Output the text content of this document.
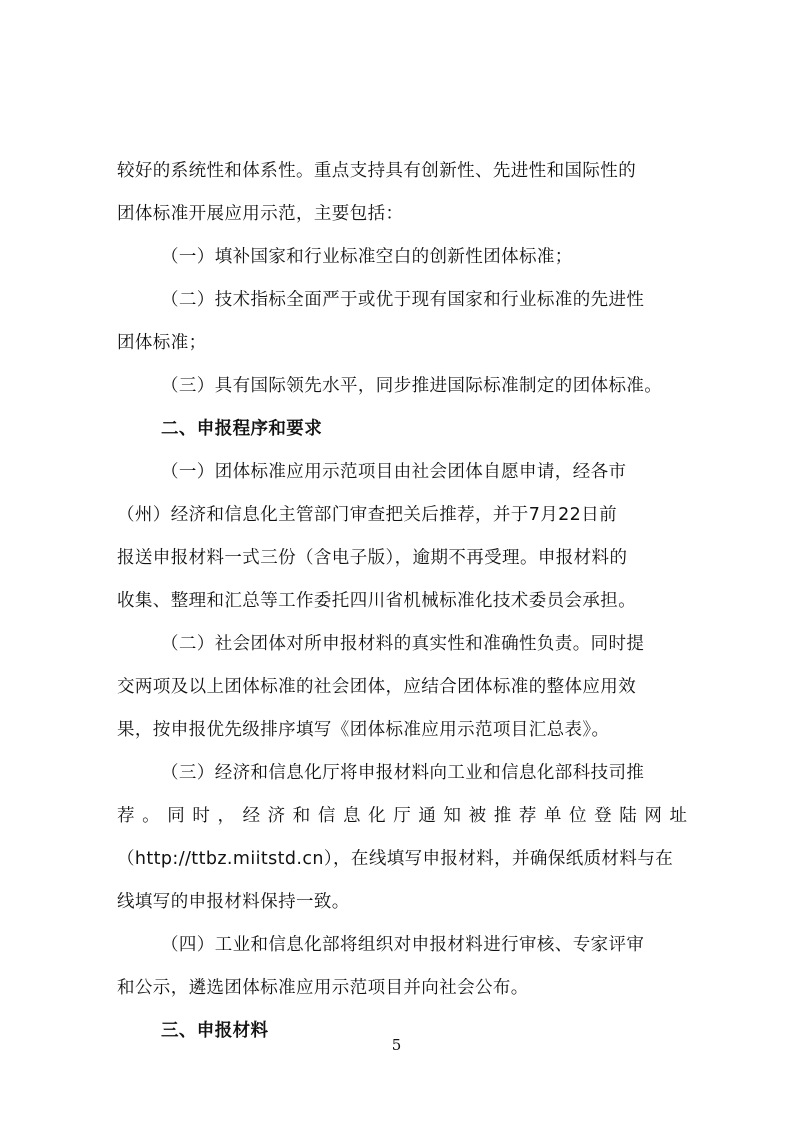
较好的系统性和体系性。重点支持具有创新性、先进性和国际性的
团体标准开展应用示范，主要包括：
（一）填补国家和行业标准空白的创新性团体标准；
（二）技术指标全面严于或优于现有国家和行业标准的先进性
团体标准；
（三）具有国际领先水平，同步推进国际标准制定的团体标准。
二、申报程序和要求
（一）团体标准应用示范项目由社会团体自愿申请，经各市
（州）经济和信息化主管部门审查把关后推荐，并于7月22日前
报送申报材料一式三份（含电子版），逾期不再受理。申报材料的
收集、整理和汇总等工作委托四川省机械标准化技术委员会承担。
（二）社会团体对所申报材料的真实性和准确性负责。同时提
交两项及以上团体标准的社会团体，应结合团体标准的整体应用效
果，按申报优先级排序填写《团体标准应用示范项目汇总表》。
（三）经济和信息化厅将申报材料向工业和信息化部科技司推
荐。同时，经济和信息化厅通知被推荐单位登陆网址
（http://ttbz.miitstd.cn），在线填写申报材料，并确保纸质材料与在
线填写的申报材料保持一致。
（四）工业和信息化部将组织对申报材料进行审核、专家评审
和公示，遴选团体标准应用示范项目并向社会公布。
三、申报材料
5
